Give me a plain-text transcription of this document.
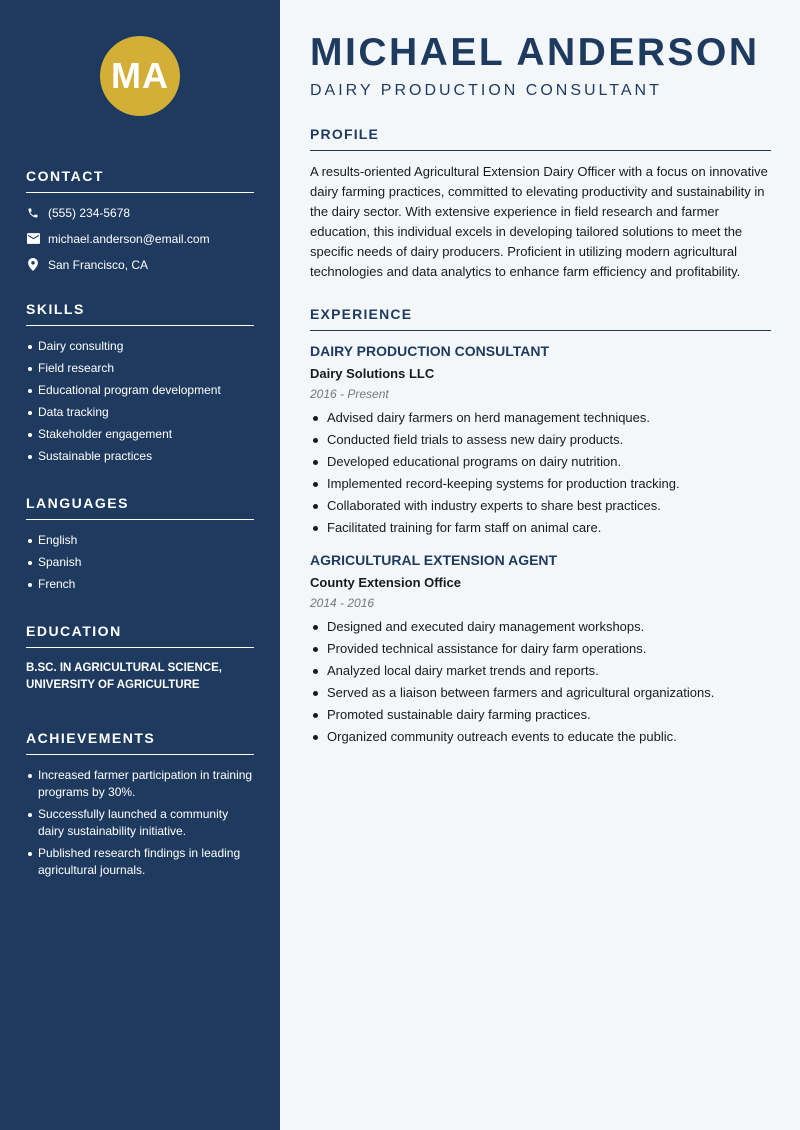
MA
CONTACT
(555) 234-5678
michael.anderson@email.com
San Francisco, CA
SKILLS
Dairy consulting
Field research
Educational program development
Data tracking
Stakeholder engagement
Sustainable practices
LANGUAGES
English
Spanish
French
EDUCATION

B.SC. IN AGRICULTURAL SCIENCE, UNIVERSITY OF AGRICULTURE

ACHIEVEMENTS
Increased farmer participation in training programs by 30%.
Successfully launched a community dairy sustainability initiative.
Published research findings in leading agricultural journals.
MICHAEL ANDERSON
DAIRY PRODUCTION CONSULTANT
PROFILE

A results-oriented Agricultural Extension Dairy Officer with a focus on innovative dairy farming practices, committed to elevating productivity and sustainability in the dairy sector. With extensive experience in field research and farmer education, this individual excels in developing tailored solutions to meet the specific needs of dairy producers. Proficient in utilizing modern agricultural technologies and data analytics to enhance farm efficiency and profitability.

EXPERIENCE
DAIRY PRODUCTION CONSULTANT
Dairy Solutions LLC
2016 - Present
Advised dairy farmers on herd management techniques.
Conducted field trials to assess new dairy products.
Developed educational programs on dairy nutrition.
Implemented record-keeping systems for production tracking.
Collaborated with industry experts to share best practices.
Facilitated training for farm staff on animal care.
AGRICULTURAL EXTENSION AGENT
County Extension Office
2014 - 2016
Designed and executed dairy management workshops.
Provided technical assistance for dairy farm operations.
Analyzed local dairy market trends and reports.
Served as a liaison between farmers and agricultural organizations.
Promoted sustainable dairy farming practices.
Organized community outreach events to educate the public.
